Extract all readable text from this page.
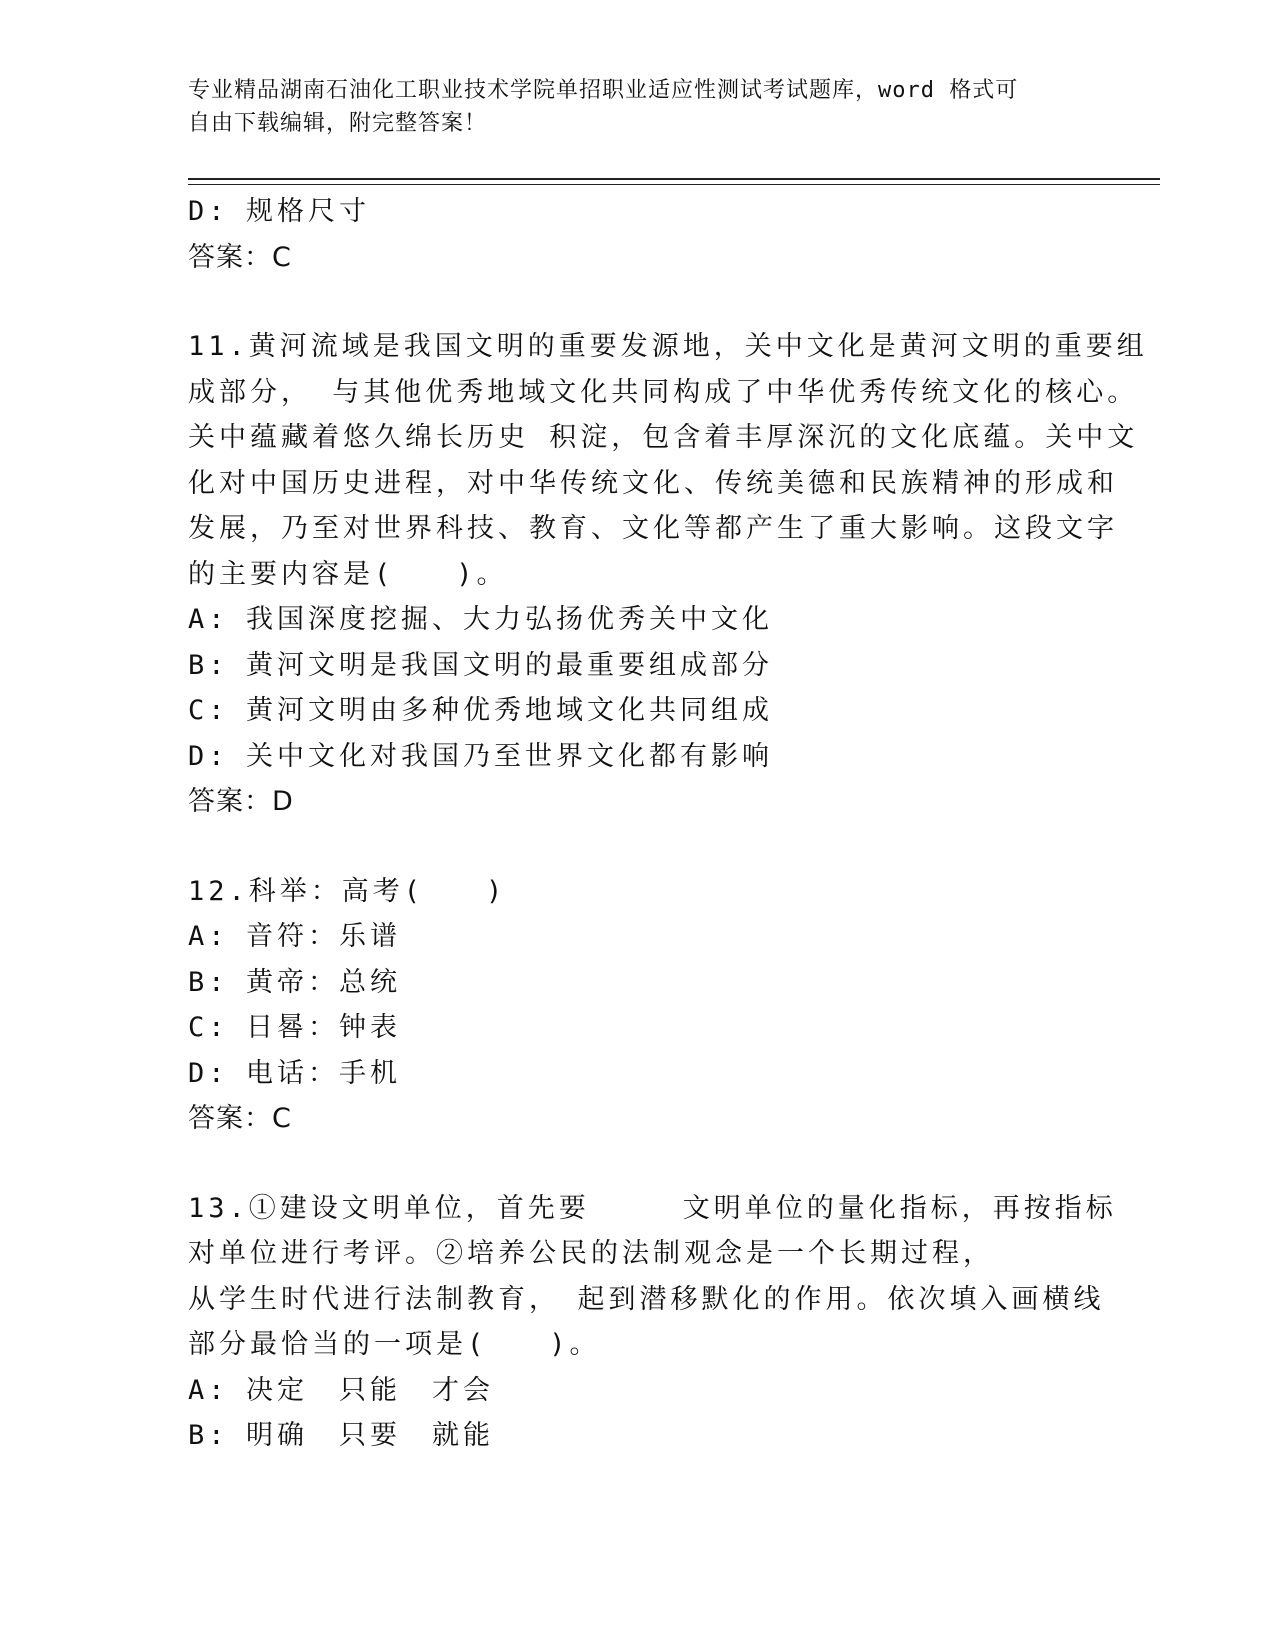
专业精品湖南石油化工职业技术学院单招职业适应性测试考试题库，word 格式可
自由下载编辑，附完整答案！
D: 规格尺寸
答案：C
11.黄河流域是我国文明的重要发源地，关中文化是黄河文明的重要组
成部分， 与其他优秀地域文化共同构成了中华优秀传统文化的核心。
关中蕴藏着悠久绵长历史 积淀，包含着丰厚深沉的文化底蕴。关中文
化对中国历史进程，对中华传统文化、传统美德和民族精神的形成和
发展，乃至对世界科技、教育、文化等都产生了重大影响。这段文字
的主要内容是(　　)。
A: 我国深度挖掘、大力弘扬优秀关中文化
B: 黄河文明是我国文明的最重要组成部分
C: 黄河文明由多种优秀地域文化共同组成
D: 关中文化对我国乃至世界文化都有影响
答案：D
12.科举：高考(　　)
A: 音符：乐谱
B: 黄帝：总统
C: 日晷：钟表
D: 电话：手机
答案：C
13.①建设文明单位，首先要　　　文明单位的量化指标，再按指标
对单位进行考评。②培养公民的法制观念是一个长期过程，
从学生时代进行法制教育，　起到潜移默化的作用。依次填入画横线
部分最恰当的一项是(　　)。
A: 决定　只能　才会
B: 明确　只要　就能
